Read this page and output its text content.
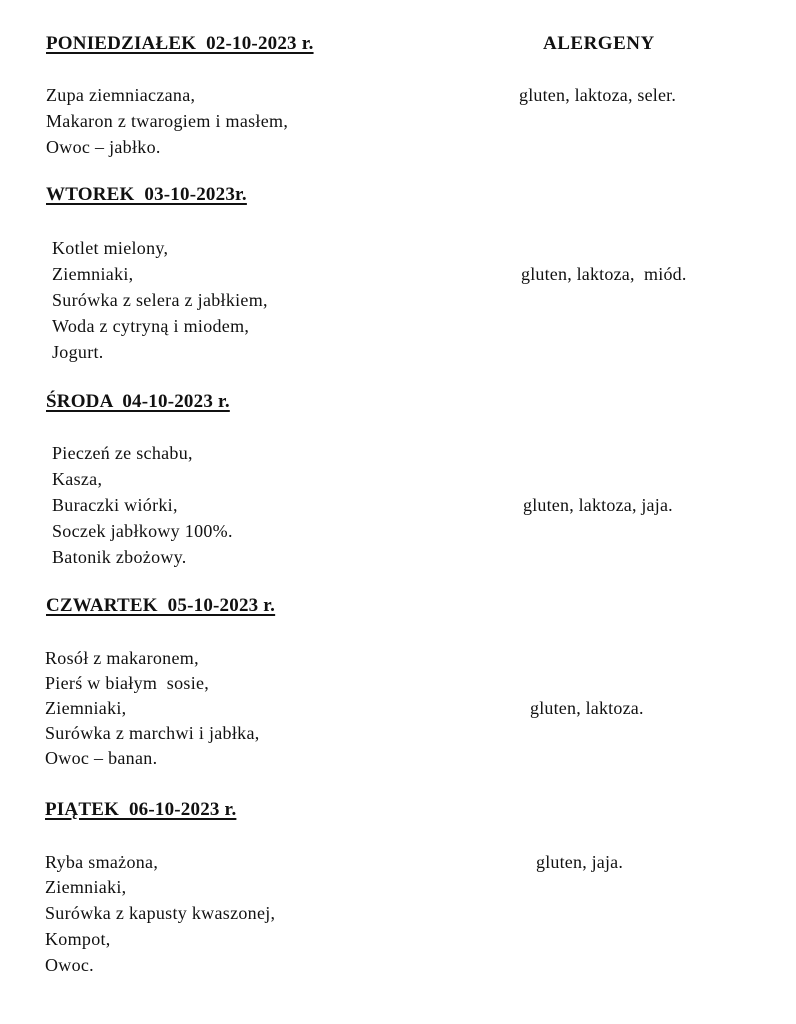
PONIEDZIAŁEK  02-10-2023 r.	ALERGENY
Zupa ziemniaczana,
Makaron z twarogiem i masłem,
Owoc – jabłko.
gluten, laktoza, seler.
WTOREK  03-10-2023r.
Kotlet mielony,
Ziemniaki,
Surówka z selera z jabłkiem,
Woda z cytryną i miodem,
Jogurt.
gluten, laktoza,  miód.
ŚRODA  04-10-2023 r.
Pieczeń ze schabu,
Kasza,
Buraczki wiórki,
Soczek jabłkowy 100%.
Batonik zbożowy.
gluten, laktoza, jaja.
CZWARTEK  05-10-2023 r.
Rosół z makaronem,
Pierś w białym  sosie,
Ziemniaki,
Surówka z marchwi i jabłka,
Owoc – banan.
gluten, laktoza.
PIĄTEK  06-10-2023 r.
Ryba smażona,
Ziemniaki,
Surówka z kapusty kwaszonej,
Kompot,
Owoc.
gluten, jaja.
